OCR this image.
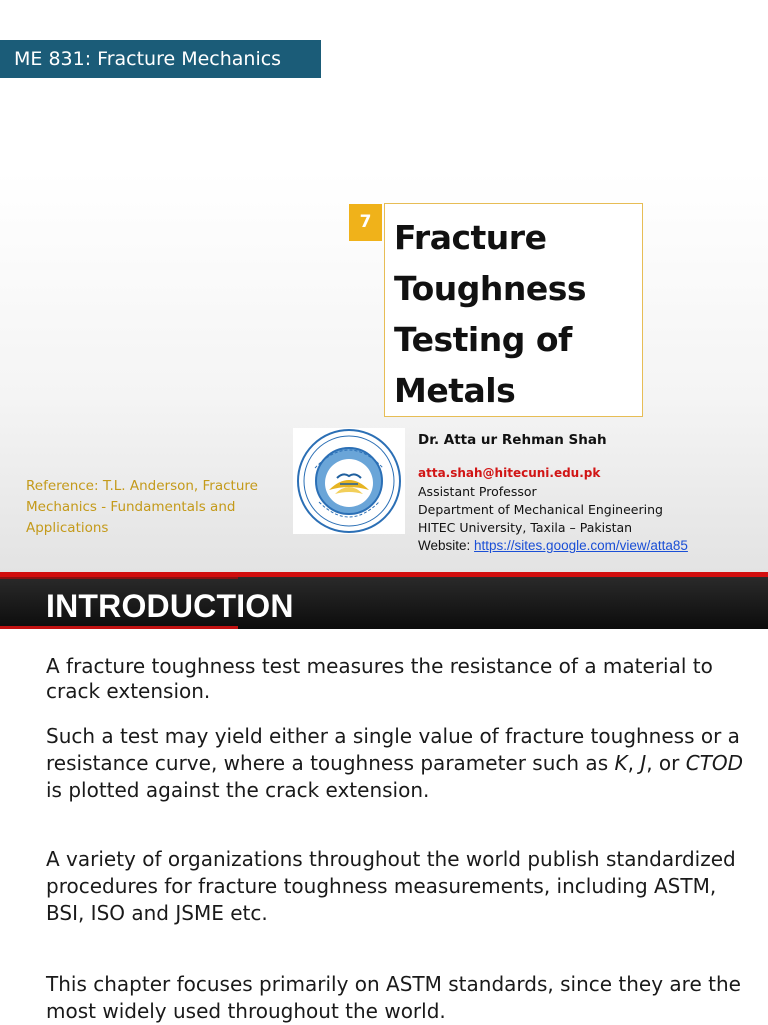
ME 831: Fracture Mechanics
7 Fracture
Toughness
Testing of
Metals
Dr. Atta ur Rehman Shah
atta.shah@hitecuni.edu.pk
Assistant Professor
Department of Mechanical Engineering
HITEC University, Taxila – Pakistan
Website: https://sites.google.com/view/atta85
Reference: T.L. Anderson, Fracture Mechanics - Fundamentals and Applications
INTRODUCTION
A fracture toughness test measures the resistance of a material to crack extension.
Such a test may yield either a single value of fracture toughness or a resistance curve, where a toughness parameter such as K, J, or CTOD is plotted against the crack extension.
A variety of organizations throughout the world publish standardized procedures for fracture toughness measurements, including ASTM, BSI, ISO and JSME etc.
This chapter focuses primarily on ASTM standards, since they are the most widely used throughout the world.
